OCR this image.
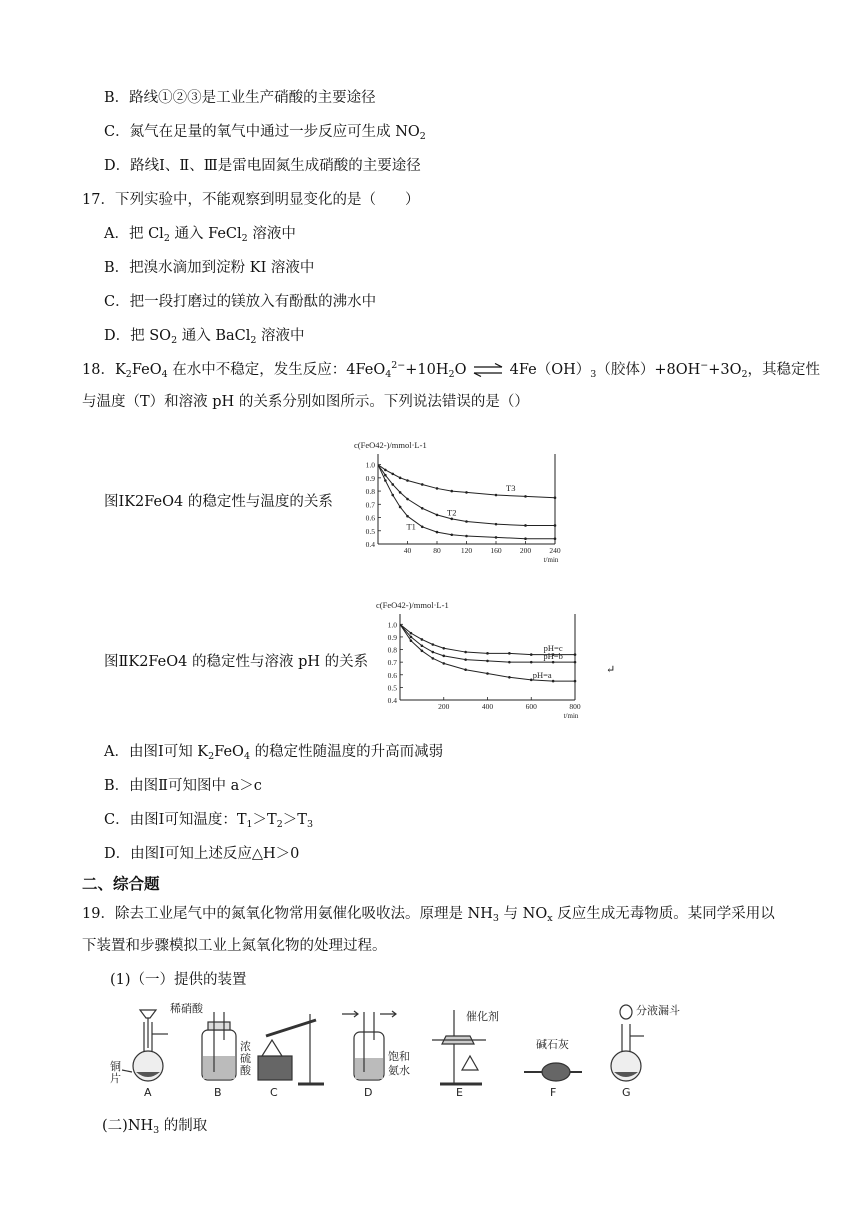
B．路线①②③是工业生产硝酸的主要途径
C．氮气在足量的氧气中通过一步反应可生成 $NO_2$
D．路线Ⅰ、Ⅱ、Ⅲ是雷电固氮生成硝酸的主要途径
17．下列实验中，不能观察到明显变化的是（　　）
A．把 $Cl_2$ 通入 FeCl$_2$ 溶液中
B．把溴水滴加到淀粉 KI 溶液中
C．把一段打磨过的镁放入有酚酞的沸水中
D．把 $SO_2$ 通入 BaCl$_2$ 溶液中
18．$K_2FeO_4$ 在水中不稳定，发生反应：$4FeO_4^{2-}+10H_2O$ ⇌ $4Fe(OH)_3$（胶体）$+8OH^-+3O_2$，其稳定性
与温度（T）和溶液 pH 的关系分别如图所示。下列说法错误的是（）
图ⅠK2FeO4 的稳定性与温度的关系
c(FeO42-)/mmol·L-1
0.4
0.5
0.6
0.7
0.8
0.9
1.0
40	80	120 160 200 240
t/min
T3
T2
T1
图ⅡK2FeO4 的稳定性与溶液 pH 的关系
c(FeO42-)/mmol·L-1
0.4
0.5
0.6
0.7
0.8
0.9
1.0
200	400	600	800
t/min
pH=c
pH=b
pH=a	↵
A．由图Ⅰ可知 $K_2FeO_4$ 的稳定性随温度的升高而减弱
B．由图Ⅱ可知图中 a＞c
C．由图Ⅰ可知温度：$T_1>T_2>T_3$
D．由图Ⅰ可知上述反应△H＞0
二、综合题
19．除去工业尾气中的氮氧化物常用氨催化吸收法。原理是 $NH_3$ 与 $NO_x$ 反应生成无毒物质。某同学采用以
下装置和步骤模拟工业上氮氧化物的处理过程。
(1)（一）提供的装置
A
稀硝酸
铜
片
B
浓
硫
酸
C	D
饱和
氨水
E
催化剂
F
碱石灰
G
分液漏斗
(二)$NH_3$ 的制取
